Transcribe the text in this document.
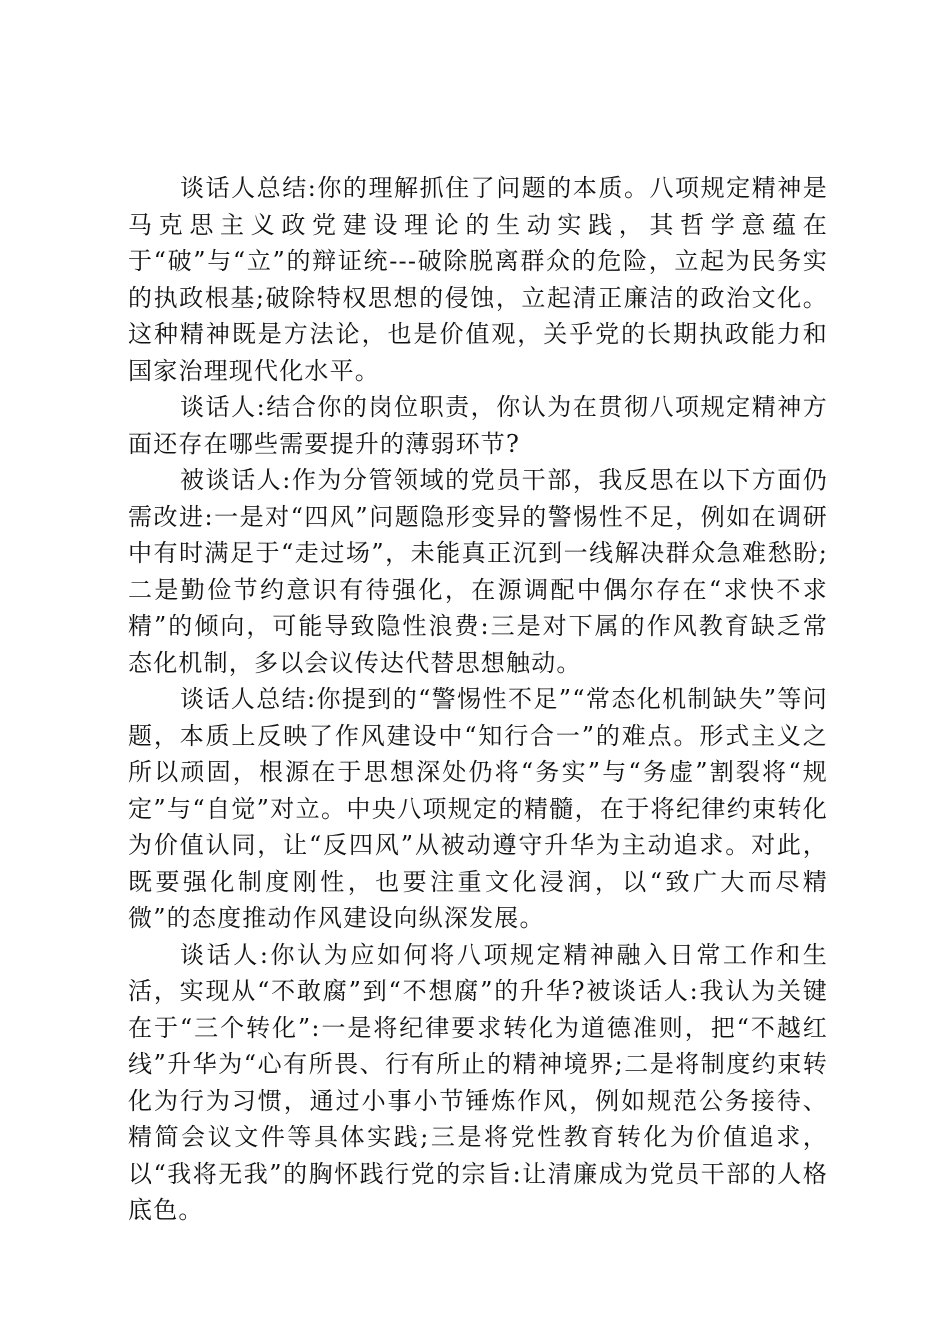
谈话人总结:你的理解抓住了问题的本质。八项规定精神是马克思主义政党建设理论的生动实践，其哲学意蕴在于“破”与“立”的辩证统---破除脱离群众的危险，立起为民务实的执政根基;破除特权思想的侵蚀，立起清正廉洁的政治文化。这种精神既是方法论，也是价值观，关乎党的长期执政能力和国家治理现代化水平。

谈话人:结合你的岗位职责，你认为在贯彻八项规定精神方面还存在哪些需要提升的薄弱环节?

被谈话人:作为分管领域的党员干部，我反思在以下方面仍需改进:一是对“四风”问题隐形变异的警惕性不足，例如在调研中有时满足于“走过场”，未能真正沉到一线解决群众急难愁盼;二是勤俭节约意识有待强化，在源调配中偶尔存在“求快不求精”的倾向，可能导致隐性浪费:三是对下属的作风教育缺乏常态化机制，多以会议传达代替思想触动。

谈话人总结:你提到的“警惕性不足”“常态化机制缺失”等问题，本质上反映了作风建设中“知行合一”的难点。形式主义之所以顽固，根源在于思想深处仍将“务实”与“务虚”割裂将“规定”与“自觉”对立。中央八项规定的精髓，在于将纪律约束转化为价值认同，让“反四风”从被动遵守升华为主动追求。对此，既要强化制度刚性，也要注重文化浸润，以“致广大而尽精微”的态度推动作风建设向纵深发展。

谈话人:你认为应如何将八项规定精神融入日常工作和生活，实现从“不敢腐”到“不想腐”的升华?被谈话人:我认为关键在于“三个转化”:一是将纪律要求转化为道德准则，把“不越红线”升华为“心有所畏、行有所止的精神境界;二是将制度约束转化为行为习惯，通过小事小节锤炼作风，例如规范公务接待、精简会议文件等具体实践;三是将党性教育转化为价值追求，以“我将无我”的胸怀践行党的宗旨:让清廉成为党员干部的人格底色。
